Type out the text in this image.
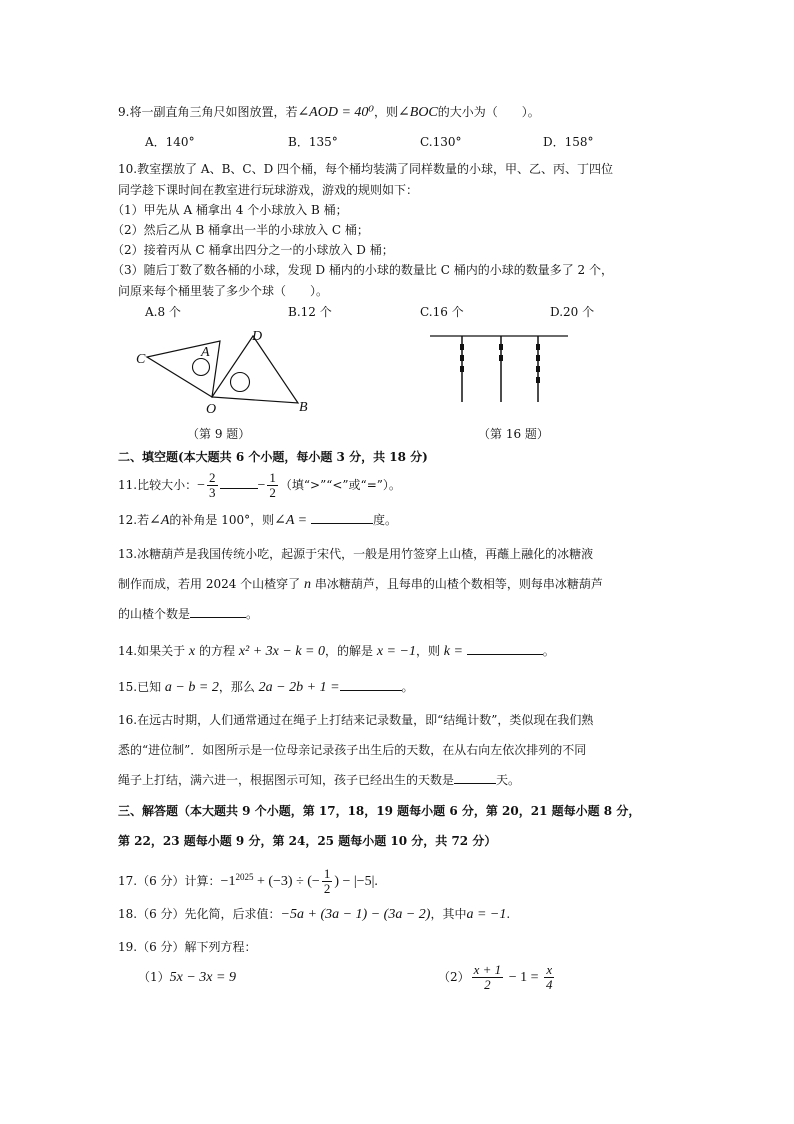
9.将一副直角三角尺如图放置，若∠AOD = 40⁰，则∠BOC的大小为（　　）。
A．140°	B．135°	C.130°	D．158°
10.教室摆放了 A、B、C、D 四个桶，每个桶均装满了同样数量的小球，甲、乙、丙、丁四位
同学趁下课时间在教室进行玩球游戏，游戏的规则如下：
（1）甲先从 A 桶拿出 4 个小球放入 B 桶；
（2）然后乙从 B 桶拿出一半的小球放入 C 桶；
（2）接着丙从 C 桶拿出四分之一的小球放入 D 桶；
（3）随后丁数了数各桶的小球，发现 D 桶内的小球的数量比 C 桶内的小球的数量多了 2 个，
问原来每个桶里装了多少个球（　　）。
A.8 个	B.12 个	C.16 个	D.20 个
C	A
D
O	B
（第 9 题）	（第 16 题）
二、填空题(本大题共 6 个小题，每小题 3 分，共 18 分)
11.比较大小：− $\frac{2}{3}$	− $\frac{1}{2}$ （填“>”“<”或“=”）。
12.若∠A的补角是 100°，则∠A =	度。
13.冰糖葫芦是我国传统小吃，起源于宋代，一般是用竹签穿上山楂，再蘸上融化的冰糖液
制作而成，若用 2024 个山楂穿了 n 串冰糖葫芦，且每串的山楂个数相等，则每串冰糖葫芦
的山楂个数是	。
14.如果关于 x 的方程 x² + 3x − k = 0，的解是 x = −1，则 k =	。
15.已知 a − b = 2，那么 2a − 2b + 1 =	。
16.在远古时期，人们通常通过在绳子上打结来记录数量，即“结绳计数”，类似现在我们熟
悉的“进位制”．如图所示是一位母亲记录孩子出生后的天数，在从右向左依次排列的不同
绳子上打结，满六进一，根据图示可知，孩子已经出生的天数是	天。
三、解答题（本大题共 9 个小题，第 17，18，19 题每小题 6 分，第 20，21 题每小题 8 分，
第 22，23 题每小题 9 分，第 24，25 题每小题 10 分，共 72 分）
17.（6 分）计算：$-1^{2025} + (-3)$ ÷ (− $\frac{1}{2}$ ) − |−5|.
18.（6 分）先化简，后求值：−5a + (3a − 1) − (3a − 2)，其中a = −1.
19.（6 分）解下列方程：
（1）5x − 3x = 9	$(2) \frac{x + 1}{2} - 1 = \frac{x}{4}$
